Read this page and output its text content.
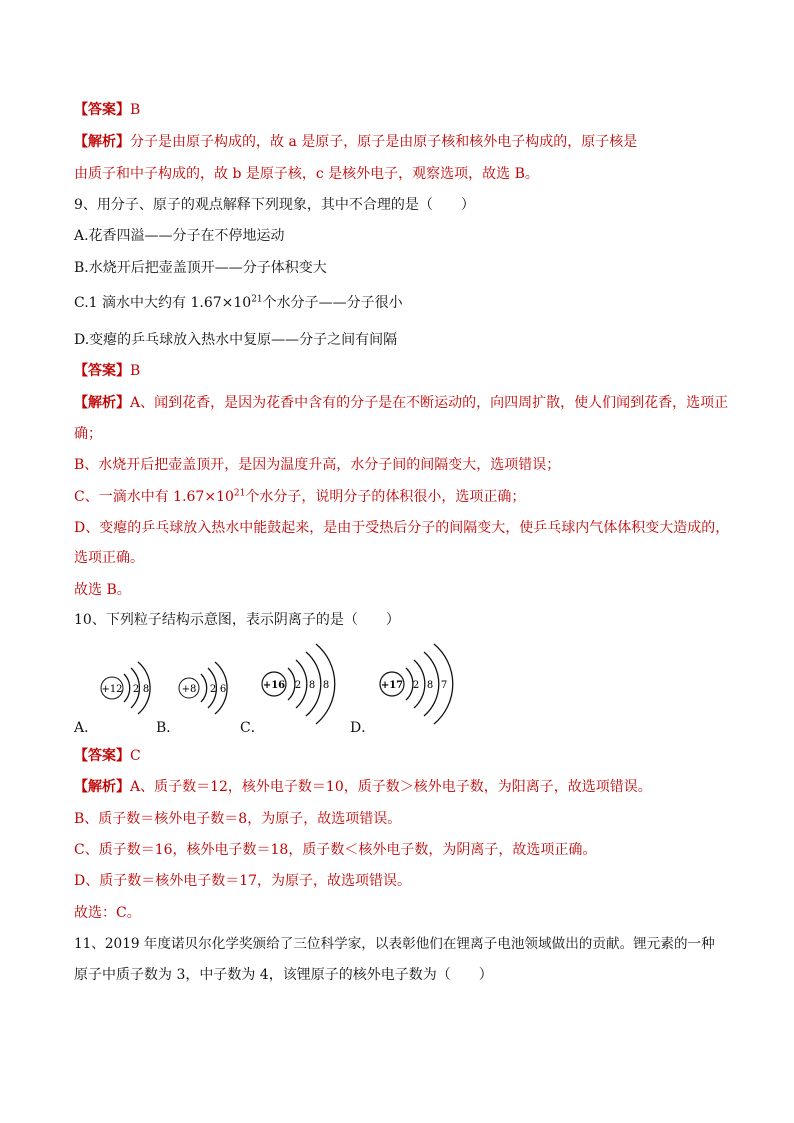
【答案】B
【解析】分子是由原子构成的，故 a 是原子，原子是由原子核和核外电子构成的，原子核是
由质子和中子构成的，故 b 是原子核，c 是核外电子，观察选项，故选 B。
9、用分子、原子的观点解释下列现象，其中不合理的是（　　）
A.花香四溢——分子在不停地运动
B.水烧开后把壶盖顶开——分子体积变大
C.1 滴水中大约有 $1.67\times 10^{21}$个水分子——分子很小
D.变瘪的乒乓球放入热水中复原——分子之间有间隔
【答案】B
【解析】A、闻到花香，是因为花香中含有的分子是在不断运动的，向四周扩散，使人们闻到花香，选项正
确；
B、水烧开后把壶盖顶开，是因为温度升高，水分子间的间隔变大，选项错误；
C、一滴水中有 $1.67\times 10^{21}$个水分子，说明分子的体积很小，选项正确；
D、变瘪的乒乓球放入热水中能鼓起来，是由于受热后分子的间隔变大，使乒乓球内气体体积变大造成的，
选项正确。
故选 B。
10、下列粒子结构示意图，表示阴离子的是（　　）
+12 2 8	+8 2 6	+16 2 8 8	+17 2 8 7
A．	B．	C．	D．
【答案】C
【解析】A、质子数＝12，核外电子数＝10，质子数＞核外电子数，为阳离子，故选项错误。
B、质子数＝核外电子数＝8，为原子，故选项错误。
C、质子数＝16，核外电子数＝18，质子数＜核外电子数，为阴离子，故选项正确。
D、质子数＝核外电子数＝17，为原子，故选项错误。
故选：C。
11、2019 年度诺贝尔化学奖颁给了三位科学家，以表彰他们在锂离子电池领域做出的贡献。锂元素的一种
原子中质子数为 3，中子数为 4，该锂原子的核外电子数为（　　）
